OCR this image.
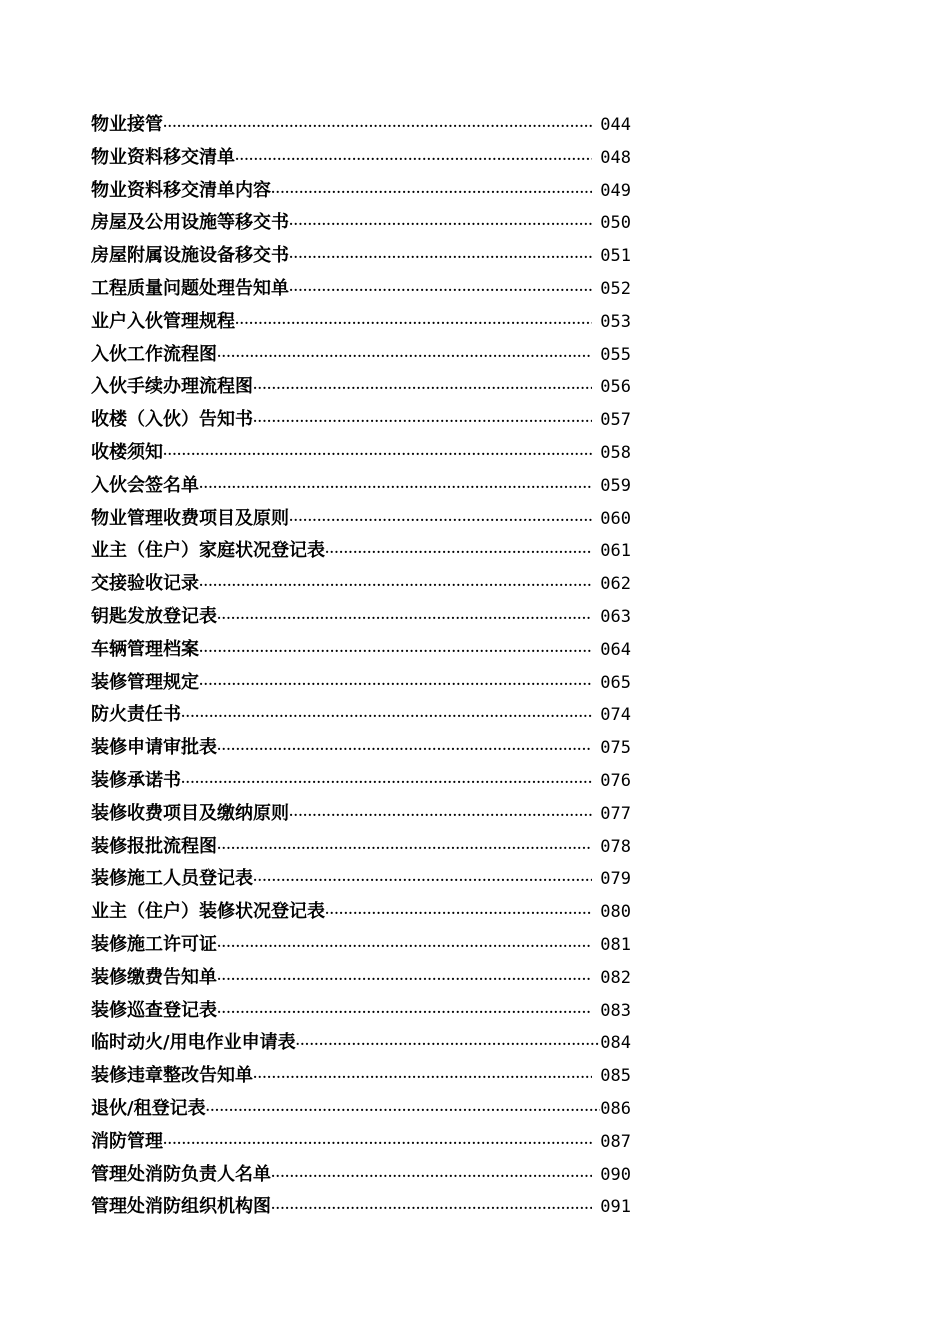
物业接管 ·····	044
物业资料移交清单 ·····	048
物业资料移交清单内容 ·····	049
房屋及公用设施等移交书 ·····	050
房屋附属设施设备移交书 ·····	051
工程质量问题处理告知单 ·····	052
业户入伙管理规程 ·····	053
入伙工作流程图 ·····	055
入伙手续办理流程图 ·····	056
收楼（入伙）告知书 ·····	057
收楼须知 ·····	058
入伙会签名单 ·····	059
物业管理收费项目及原则 ·····	060
业主（住户）家庭状况登记表 ·····	061
交接验收记录 ·····	062
钥匙发放登记表 ·····	063
车辆管理档案 ·····	064
装修管理规定 ·····	065
防火责任书 ·····	074
装修申请审批表 ·····	075
装修承诺书 ·····	076
装修收费项目及缴纳原则 ·····	077
装修报批流程图 ·····	078
装修施工人员登记表 ·····	079
业主（住户）装修状况登记表 ·····	080
装修施工许可证 ·····	081
装修缴费告知单 ·····	082
装修巡查登记表 ·····	083
临时动火/用电作业申请表 ·····	084
装修违章整改告知单 ·····	085
退伙/租登记表 ·····	086
消防管理 ·····	087
管理处消防负责人名单 ·····	090
管理处消防组织机构图 ·····	091
